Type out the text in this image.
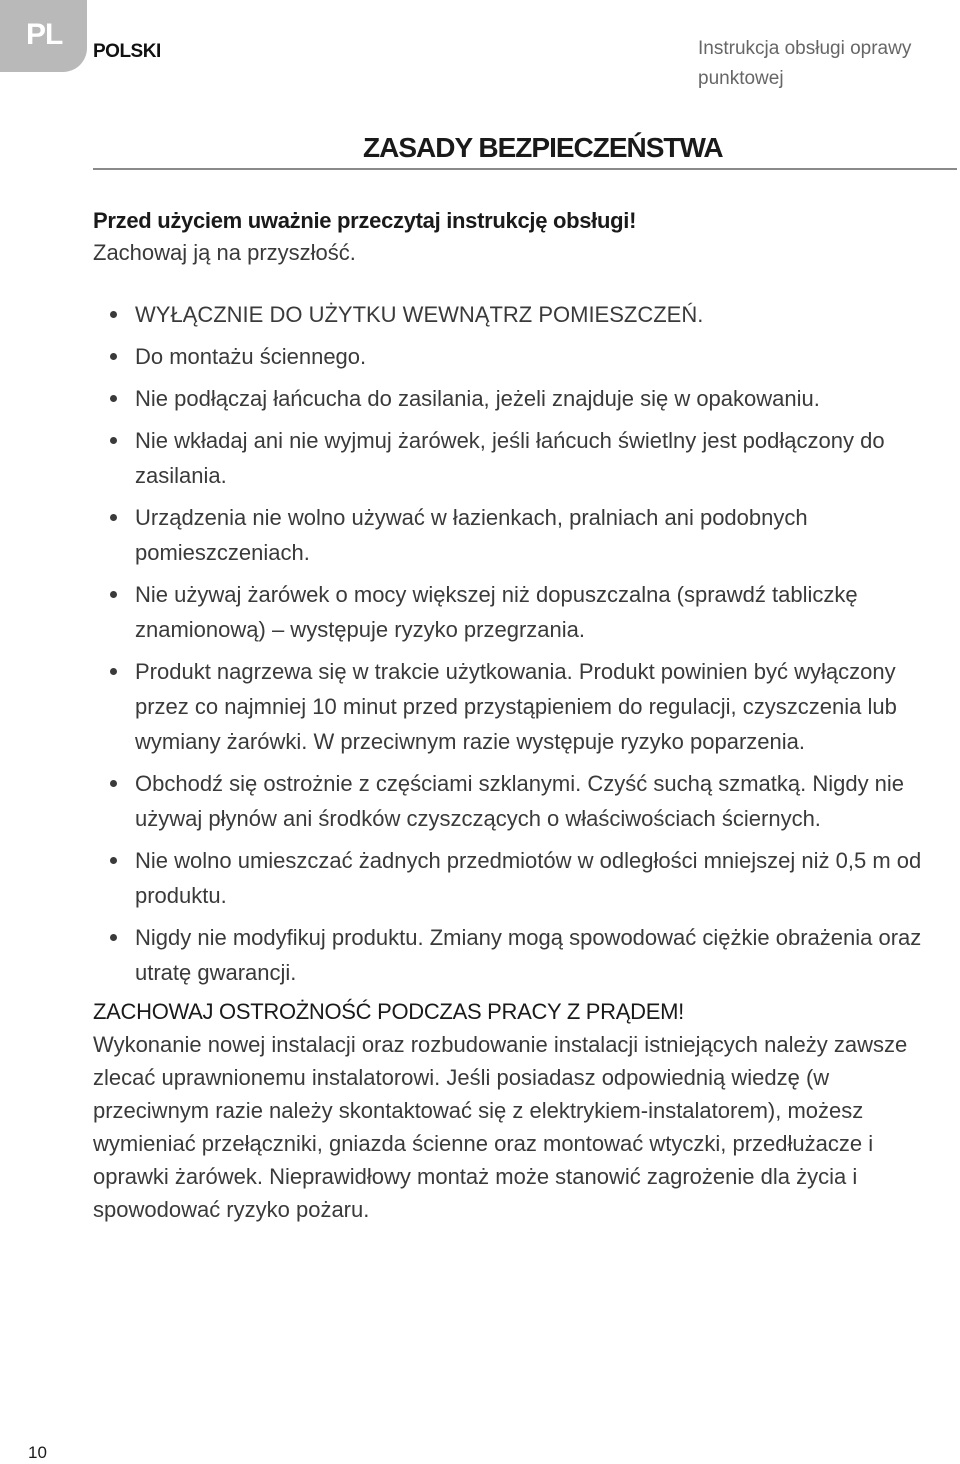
PL
POLSKI	Instrukcja obsługi oprawy punktowej
ZASADY BEZPIECZEŃSTWA
Przed użyciem uważnie przeczytaj instrukcję obsługi!
Zachowaj ją na przyszłość.
WYŁĄCZNIE DO UŻYTKU WEWNĄTRZ POMIESZCZEŃ.
Do montażu ściennego.
Nie podłączaj łańcucha do zasilania, jeżeli znajduje się w opakowaniu.
Nie wkładaj ani nie wyjmuj żarówek, jeśli łańcuch świetlny jest podłączony do zasilania.
Urządzenia nie wolno używać w łazienkach, pralniach ani podobnych pomieszczeniach.
Nie używaj żarówek o mocy większej niż dopuszczalna (sprawdź tabliczkę znamionową) – występuje ryzyko przegrzania.
Produkt nagrzewa się w trakcie użytkowania. Produkt powinien być wyłączony przez co najmniej 10 minut przed przystąpieniem do regulacji, czyszczenia lub wymiany żarówki. W przeciwnym razie występuje ryzyko poparzenia.
Obchodź się ostrożnie z częściami szklanymi. Czyść suchą szmatką. Nigdy nie używaj płynów ani środków czyszczących o właściwościach ściernych.
Nie wolno umieszczać żadnych przedmiotów w odległości mniejszej niż 0,5 m od produktu.
Nigdy nie modyfikuj produktu. Zmiany mogą spowodować ciężkie obrażenia oraz utratę gwarancji.
ZACHOWAJ OSTROŻNOŚĆ PODCZAS PRACY Z PRĄDEM!
Wykonanie nowej instalacji oraz rozbudowanie instalacji istniejących należy zawsze zlecać uprawnionemu instalatorowi. Jeśli posiadasz odpowiednią wiedzę (w przeciwnym razie należy skontaktować się z elektrykiem-instalatorem), możesz wymieniać przełączniki, gniazda ścienne oraz montować wtyczki, przedłużacze i oprawki żarówek. Nieprawidłowy montaż może stanowić zagrożenie dla życia i spowodować ryzyko pożaru.
10
